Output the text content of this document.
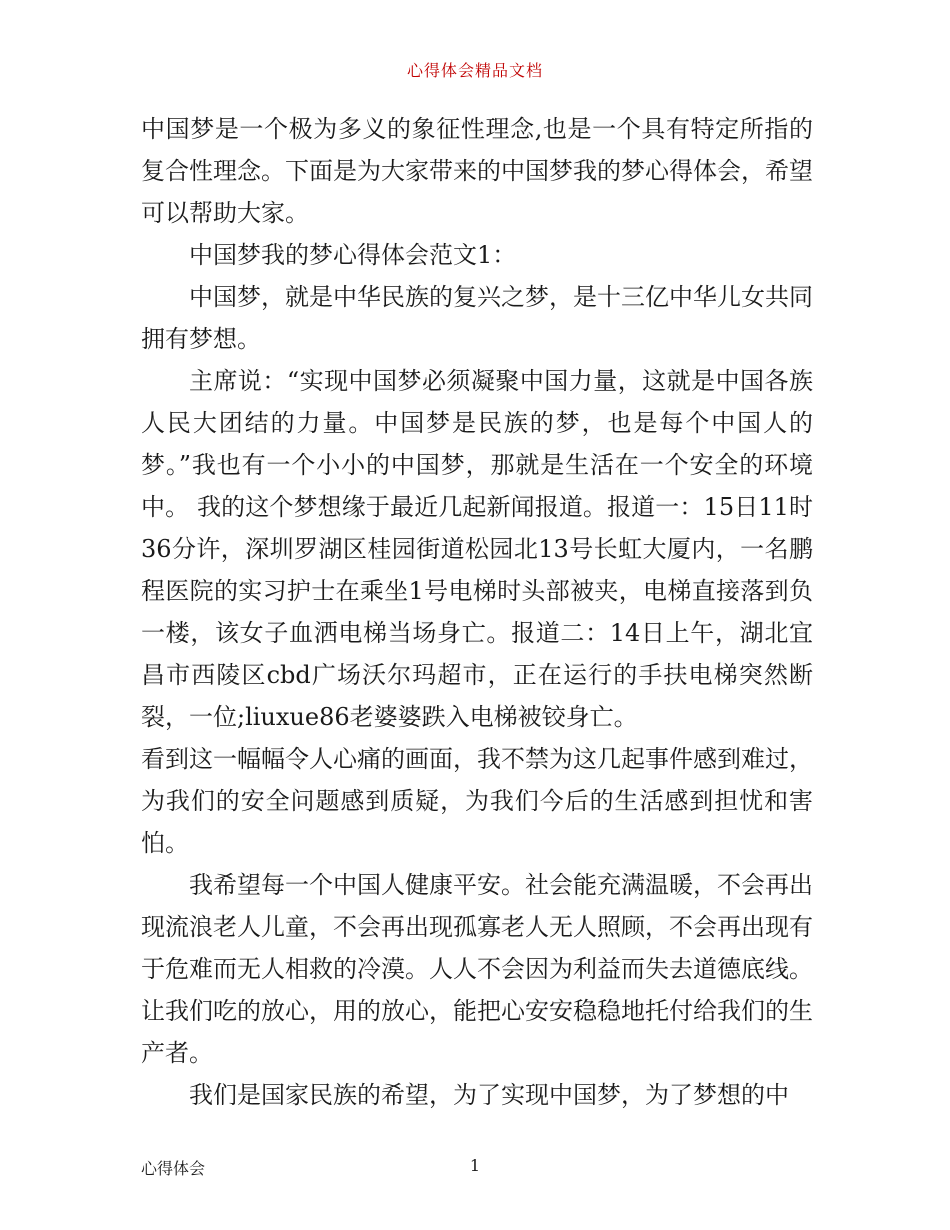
心得体会精品文档

中国梦是一个极为多义的象征性理念,也是一个具有特定所指的复合性理念。下面是为大家带来的中国梦我的梦心得体会，希望可以帮助大家。

中国梦我的梦心得体会范文1：

中国梦，就是中华民族的复兴之梦，是十三亿中华儿女共同拥有梦想。

主席说：“实现中国梦必须凝聚中国力量，这就是中国各族人民大团结的力量。中国梦是民族的梦，也是每个中国人的梦。”我也有一个小小的中国梦，那就是生活在一个安全的环境中。 我的这个梦想缘于最近几起新闻报道。报道一：15日11时36分许，深圳罗湖区桂园街道松园北13号长虹大厦内，一名鹏程医院的实习护士在乘坐1号电梯时头部被夹，电梯直接落到负一楼，该女子血洒电梯当场身亡。报道二：14日上午，湖北宜昌市西陵区cbd广场沃尔玛超市，正在运行的手扶电梯突然断裂，一位;liuxue86老婆婆跌入电梯被铰身亡。

看到这一幅幅令人心痛的画面，我不禁为这几起事件感到难过，为我们的安全问题感到质疑，为我们今后的生活感到担忧和害怕。

我希望每一个中国人健康平安。社会能充满温暖，不会再出现流浪老人儿童，不会再出现孤寡老人无人照顾，不会再出现有于危难而无人相救的冷漠。人人不会因为利益而失去道德底线。让我们吃的放心，用的放心，能把心安安稳稳地托付给我们的生产者。

我们是国家民族的希望，为了实现中国梦，为了梦想的中

心得体会	1
